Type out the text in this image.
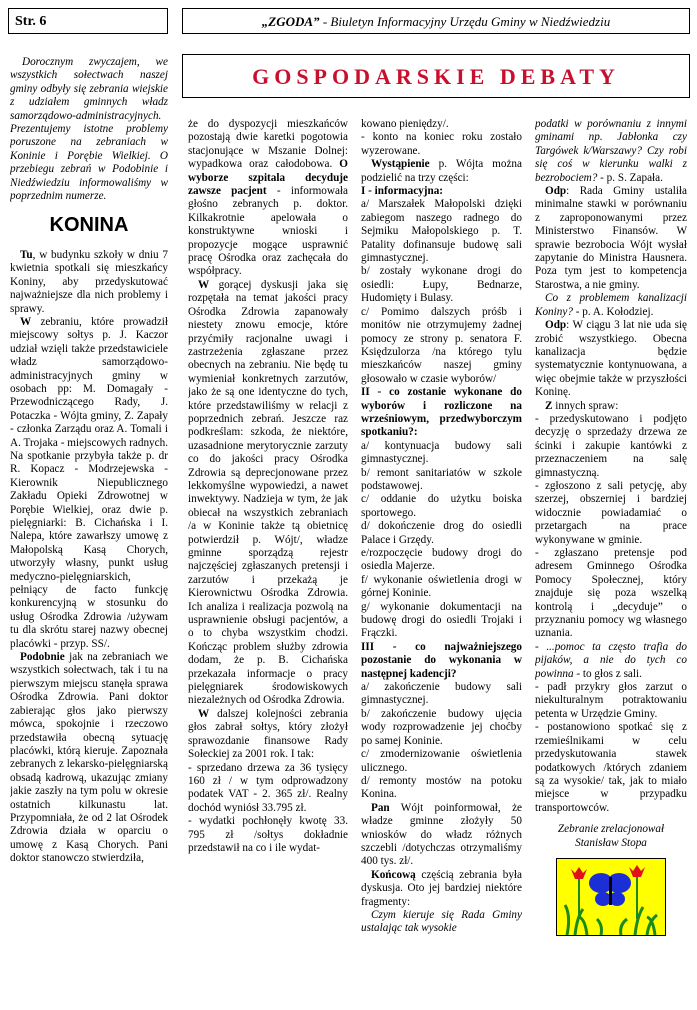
Str. 6	„ZGODA” - Biuletyn Informacyjny Urzędu Gminy w Niedźwiedziu
GOSPODARSKIE DEBATY

Dorocznym zwyczajem, we wszystkich sołectwach naszej gminy odbyły się zebrania wiejskie z udziałem gminnych władz samorządowo-administracyjnych. Prezentujemy istotne problemy poruszone na zebraniach w Koninie i Porębie Wielkiej. O przebiegu zebrań w Podobinie i Niedźwiedziu informowaliśmy w poprzednim numerze.

KONINA

Tu, w budynku szkoły w dniu 7 kwietnia spotkali się mieszkańcy Koniny, aby przedyskutować najważniejsze dla nich problemy i sprawy.

W zebraniu, które prowadził miejscowy sołtys p. J. Kaczor udział wzięli także przedstawiciele władz samorządowo-administracyjnych gminy w osobach pp: M. Domagały - Przewodniczącego Rady, J. Potaczka - Wójta gminy, Z. Zapały - członka Zarządu oraz A. Tomali i A. Trojaka - miejscowych radnych. Na spotkanie przybyła także p. dr R. Kopacz - Modrzejewska - Kierownik Niepublicznego Zakładu Opieki Zdrowotnej w Porębie Wielkiej, oraz dwie p. pielęgniarki: B. Cichańska i I. Nalepa, które zawarłszy umowę z Małopolską Kasą Chorych, utworzyły własny, punkt usług medyczno-pielęgniarskich, pełniący de facto funkcję konkurencyjną w stosunku do usług Ośrodka Zdrowia /używam tu dla skrótu starej nazwy obecnej placówki - przyp. SS/.

Podobnie jak na zebraniach we wszystkich sołectwach, tak i tu na pierwszym miejscu stanęła sprawa Ośrodka Zdrowia. Pani doktor zabierając głos jako pierwszy mówca, spokojnie i rzeczowo przedstawiła obecną sytuację placówki, którą kieruje. Zapoznała zebranych z lekarsko-pielęgniarską obsadą kadrową, ukazując zmiany jakie zaszły na tym polu w okresie ostatnich kilkunastu lat. Przypomniała, że od 2 lat Ośrodek Zdrowia działa w oparciu o umowę z Kasą Chorych. Pani doktor stanowczo stwierdziła,

że do dyspozycji mieszkańców pozostają dwie karetki pogotowia stacjonujące w Mszanie Dolnej: wypadkowa oraz całodobowa. O wyborze szpitala decyduje zawsze pacjent - informowała głośno zebranych p. doktor. Kilkakrotnie apelowała o konstruktywne wnioski i propozycje mogące usprawnić pracę Ośrodka oraz zachęcała do współpracy.

W gorącej dyskusji jaka się rozpętała na temat jakości pracy Ośrodka Zdrowia zapanowały niestety znowu emocje, które przyćmiły racjonalne uwagi i zastrzeżenia zgłaszane przez obecnych na zebraniu. Nie będę tu wymieniał konkretnych zarzutów, jako że są one identyczne do tych, które przedstawiliśmy w relacji z poprzednich zebrań. Jeszcze raz podkreślam: szkoda, że niektóre, uzasadnione merytorycznie zarzuty co do jakości pracy Ośrodka Zdrowia są deprecjonowane przez lekkomyślne wypowiedzi, a nawet inwektywy. Nadzieja w tym, że jak obiecał na wszystkich zebraniach /a w Koninie także tą obietnicę potwierdził p. Wójt/, władze gminne sporządzą rejestr najczęściej zgłaszanych pretensji i zarzutów i przekażą je Kierownictwu Ośrodka Zdrowia. Ich analiza i realizacja pozwolą na usprawnienie obsługi pacjentów, a o to chyba wszystkim chodzi. Kończąc problem służby zdrowia dodam, że p. B. Cichańska przekazała informacje o pracy pielęgniarek środowiskowych niezależnych od Ośrodka Zdrowia.

W dalszej kolejności zebrania głos zabrał sołtys, który złożył sprawozdanie finansowe Rady Sołeckiej za 2001 rok. I tak:

- sprzedano drzewa za 36 tysięcy 160 zł / w tym odprowadzony podatek VAT - 2. 365 zł/. Realny dochód wyniósł 33.795 zł.

- wydatki pochłonęły kwotę 33. 795 zł /sołtys dokładnie przedstawił na co i ile wydat-

kowano pieniędzy/.

- konto na koniec roku zostało wyzerowane.

Wystąpienie p. Wójta można podzielić na trzy części:

I - informacyjna:

a/ Marszałek Małopolski dzięki zabiegom naszego radnego do Sejmiku Małopolskiego p. T. Patality dofinansuje budowę sali gimnastycznej.

b/ zostały wykonane drogi do osiedli: Łupy, Bednarze, Hudomięty i Bulasy.

c/ Pomimo dalszych próśb i monitów nie otrzymujemy żadnej pomocy ze strony p. senatora F. Księdzulorza /na którego tylu mieszkańców naszej gminy głosowało w czasie wyborów/

II - co zostanie wykonane do wyborów i rozliczone na wrześniowym, przedwyborczym spotkaniu?:

a/ kontynuacja budowy sali gimnastycznej.

b/ remont sanitariatów w szkole podstawowej.

c/ oddanie do użytku boiska sportowego.

d/ dokończenie drog do osiedli Palace i Grzędy.

e/rozpoczęcie budowy drogi do osiedla Majerze.

f/ wykonanie oświetlenia drogi w górnej Koninie.

g/ wykonanie dokumentacji na budowę drogi do osiedli Trojaki i Frączki.

III - co najważniejszego pozostanie do wykonania w następnej kadencji?

a/ zakończenie budowy sali gimnastycznej.

b/ zakończenie budowy ujęcia wody rozprowadzenie jej choćby po samej Koninie.

c/ zmodernizowanie oświetlenia ulicznego.

d/ remonty mostów na potoku Konina.

Pan Wójt poinformował, że władze gminne złożyły 50 wniosków do władz różnych szczebli /dotychczas otrzymaliśmy 400 tys. zł/.

Końcową częścią zebrania była dyskusja. Oto jej bardziej niektóre fragmenty:

Czym kieruje się Rada Gminy ustalając tak wysokie

podatki w porównaniu z innymi gminami np. Jabłonka czy Targówek k/Warszawy? Czy robi się coś w kierunku walki z bezrobociem? - p. S. Zapała.

Odp: Rada Gminy ustaliła minimalne stawki w porównaniu z zaproponowanymi przez Ministerstwo Finansów. W sprawie bezrobocia Wójt wysłał zapytanie do Ministra Hausnera. Poza tym jest to kompetencja Starostwa, a nie gminy.

Co z problemem kanalizacji Koniny? - p. A. Kołodziej.

Odp: W ciągu 3 lat nie uda się zrobić wszystkiego. Obecna kanalizacja będzie systematycznie kontynuowana, a więc obejmie także w przyszłości Koninę.

Z innych spraw:

- przedyskutowano i podjęto decyzję o sprzedaży drzewa ze ścinki i zakupie kantówki z przeznaczeniem na salę gimnastyczną.

- zgłoszono z sali petycję, aby szerzej, obszerniej i bardziej widocznie powiadamiać o przetargach na prace wykonywane w gminie.

- zgłaszano pretensje pod adresem Gminnego Ośrodka Pomocy Społecznej, który znajduje się poza wszelką kontrolą i „decyduje” o przyznaniu pomocy wg własnego uznania.

- ...pomoc ta często trafia do pijaków, a nie do tych co powinna - to głos z sali.

- padł przykry głos zarzut o niekulturalnym potraktowaniu petenta w Urzędzie Gminy.

- postanowiono spotkać się z rzemieślnikami w celu przedyskutowania stawek podatkowych /których zdaniem są za wysokie/ tak, jak to miało miejsce w przypadku transportowców.

Zebranie zrelacjonował
Stanisław Stopa
